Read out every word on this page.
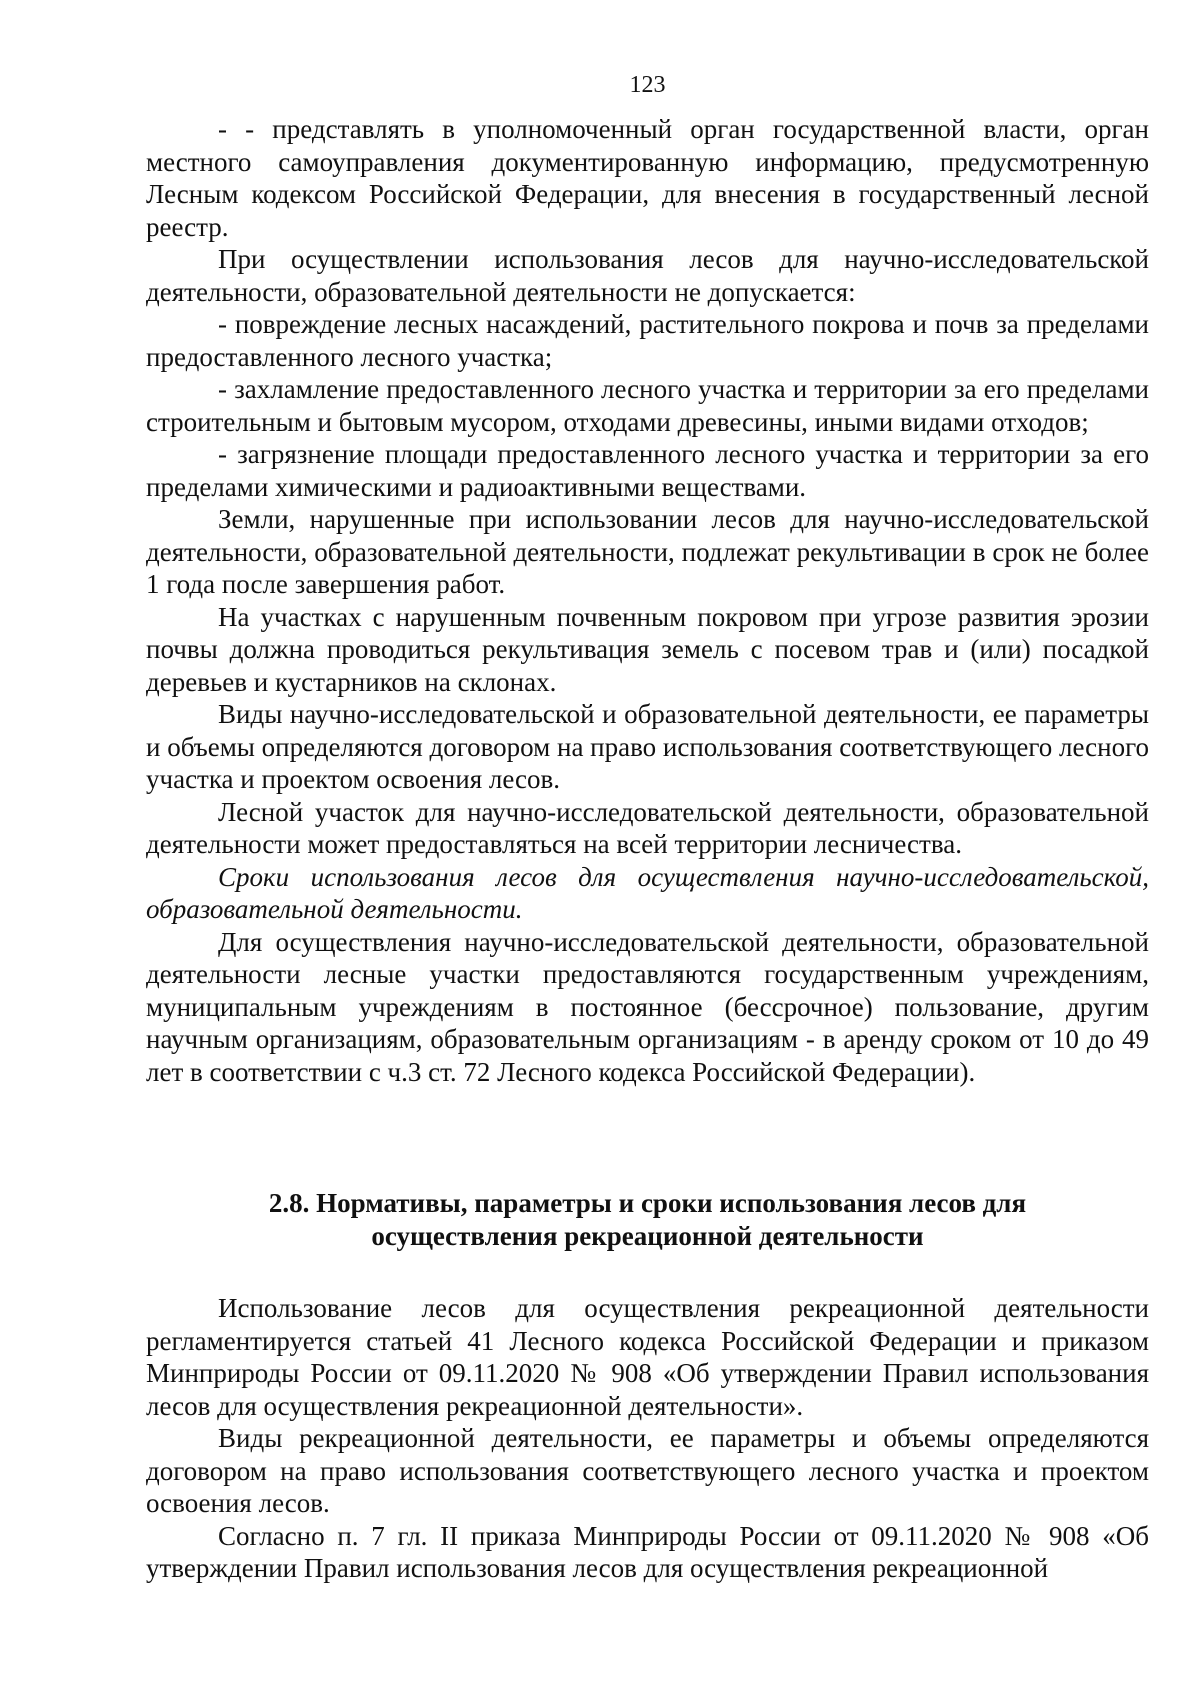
123

- - представлять в уполномоченный орган государственной власти, орган местного самоуправления документированную информацию, предусмотренную Лесным кодексом Российской Федерации, для внесения в государственный лесной реестр.

При осуществлении использования лесов для научно-исследовательской деятельности, образовательной деятельности не допускается:

- повреждение лесных насаждений, растительного покрова и почв за пределами предоставленного лесного участка;

- захламление предоставленного лесного участка и территории за его пределами строительным и бытовым мусором, отходами древесины, иными видами отходов;

- загрязнение площади предоставленного лесного участка и территории за его пределами химическими и радиоактивными веществами.

Земли, нарушенные при использовании лесов для научно-исследовательской деятельности, образовательной деятельности, подлежат рекультивации в срок не более 1 года после завершения работ.

На участках с нарушенным почвенным покровом при угрозе развития эрозии почвы должна проводиться рекультивация земель с посевом трав и (или) посадкой деревьев и кустарников на склонах.

Виды научно-исследовательской и образовательной деятельности, ее параметры и объемы определяются договором на право использования соответствующего лесного участка и проектом освоения лесов.

Лесной участок для научно-исследовательской деятельности, образовательной деятельности может предоставляться на всей территории лесничества.

Сроки использования лесов для осуществления научно-исследовательской, образовательной деятельности.

Для осуществления научно-исследовательской деятельности, образовательной деятельности лесные участки предоставляются государственным учреждениям, муниципальным учреждениям в постоянное (бессрочное) пользование, другим научным организациям, образовательным организациям - в аренду сроком от 10 до 49 лет в соответствии с ч.3 ст. 72 Лесного кодекса Российской Федерации).

2.8. Нормативы, параметры и сроки использования лесов для
осуществления рекреационной деятельности

Использование лесов для осуществления рекреационной деятельности регламентируется статьей 41 Лесного кодекса Российской Федерации и приказом Минприроды России от 09.11.2020 № 908 «Об утверждении Правил использования лесов для осуществления рекреационной деятельности».

Виды рекреационной деятельности, ее параметры и объемы определяются договором на право использования соответствующего лесного участка и проектом освоения лесов.

Согласно п. 7 гл. II приказа Минприроды России от 09.11.2020 № 908 «Об утверждении Правил использования лесов для осуществления рекреационной
